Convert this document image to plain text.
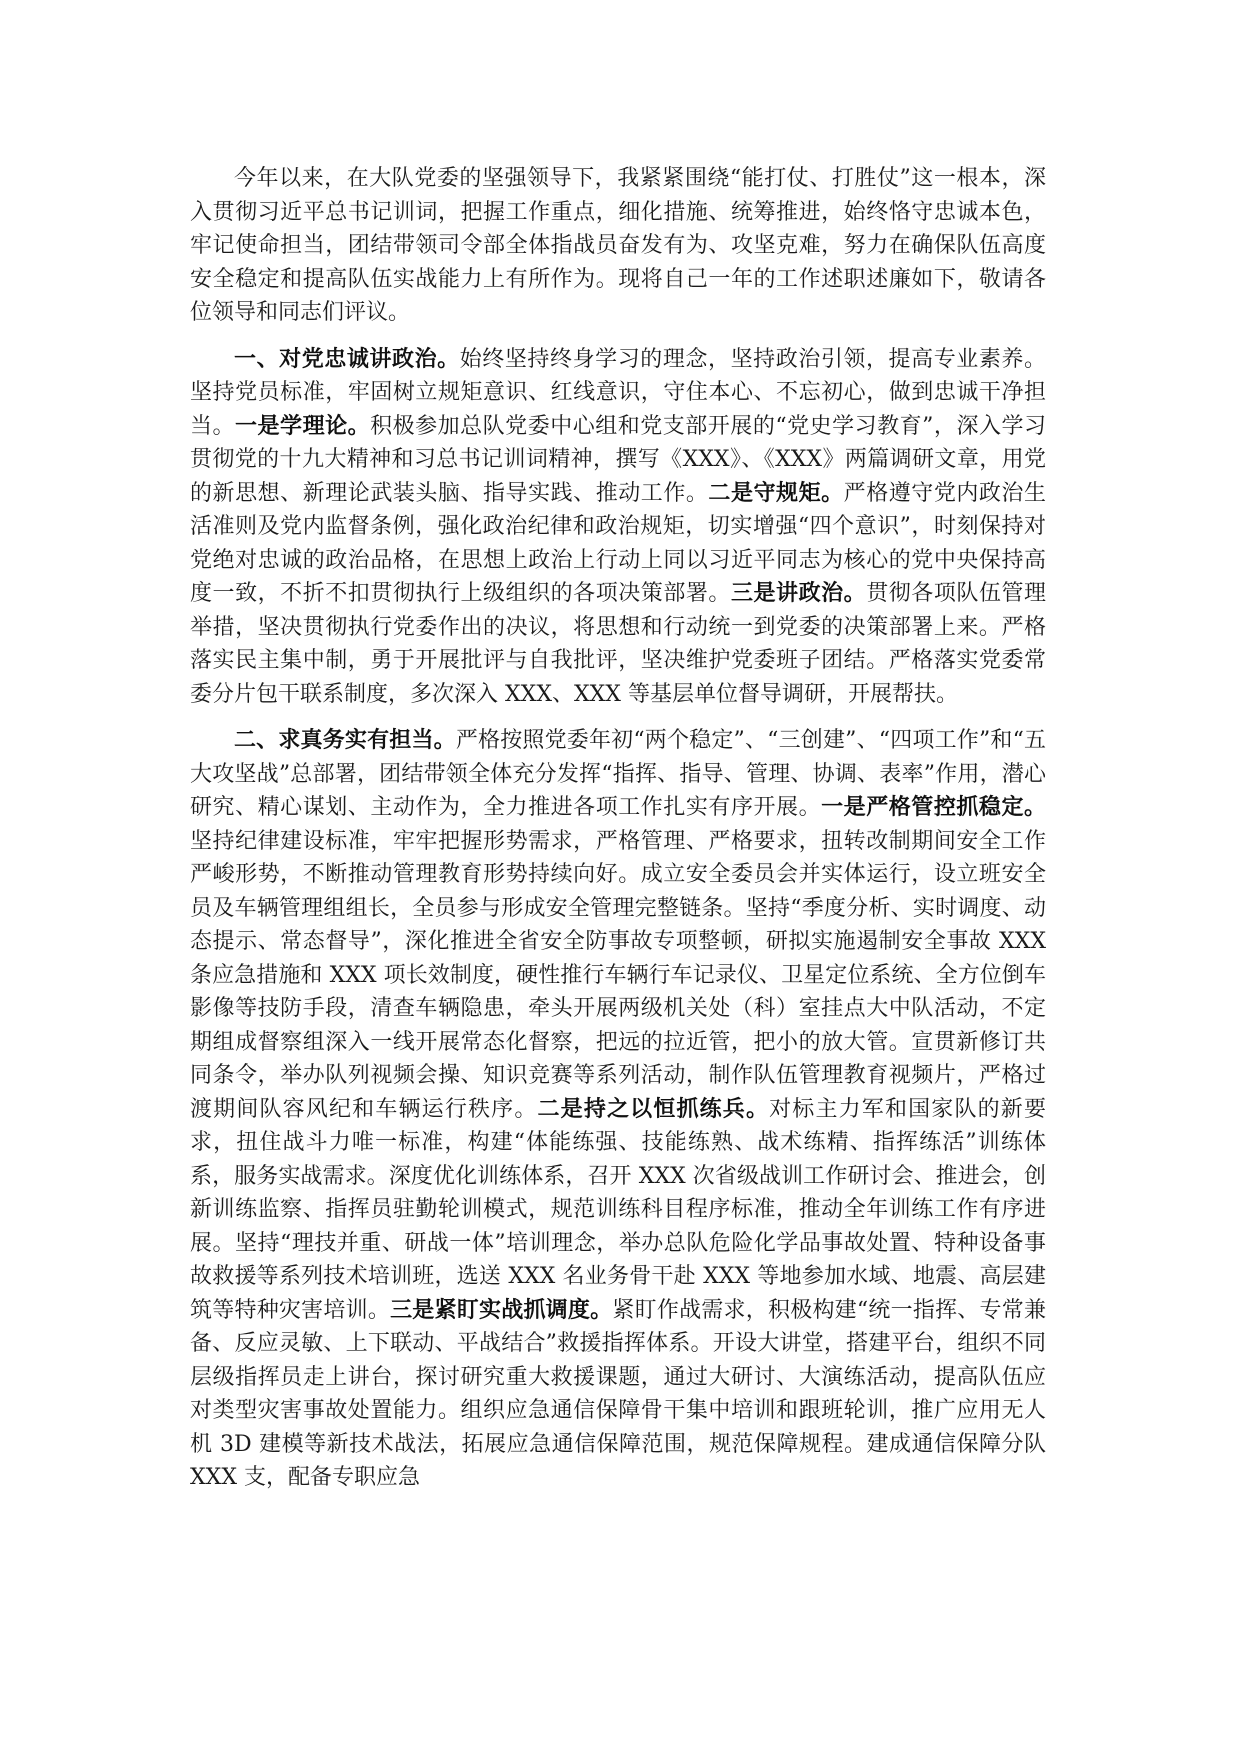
今年以来，在大队党委的坚强领导下，我紧紧围绕“能打仗、打胜仗”这一根本，深入贯彻习近平总书记训词，把握工作重点，细化措施、统筹推进，始终恪守忠诚本色，牢记使命担当，团结带领司令部全体指战员奋发有为、攻坚克难，努力在确保队伍高度安全稳定和提高队伍实战能力上有所作为。现将自己一年的工作述职述廉如下，敬请各位领导和同志们评议。

一、对党忠诚讲政治。始终坚持终身学习的理念，坚持政治引领，提高专业素养。坚持党员标准，牢固树立规矩意识、红线意识，守住本心、不忘初心，做到忠诚干净担当。一是学理论。积极参加总队党委中心组和党支部开展的“党史学习教育”，深入学习贯彻党的十九大精神和习总书记训词精神，撰写《XXX》、《XXX》两篇调研文章，用党的新思想、新理论武装头脑、指导实践、推动工作。二是守规矩。严格遵守党内政治生活准则及党内监督条例，强化政治纪律和政治规矩，切实增强“四个意识”，时刻保持对党绝对忠诚的政治品格，在思想上政治上行动上同以习近平同志为核心的党中央保持高度一致，不折不扣贯彻执行上级组织的各项决策部署。三是讲政治。贯彻各项队伍管理举措，坚决贯彻执行党委作出的决议，将思想和行动统一到党委的决策部署上来。严格落实民主集中制，勇于开展批评与自我批评，坚决维护党委班子团结。严格落实党委常委分片包干联系制度，多次深入 XXX、XXX 等基层单位督导调研，开展帮扶。

二、求真务实有担当。严格按照党委年初“两个稳定”、“三创建”、“四项工作”和“五大攻坚战”总部署，团结带领全体充分发挥“指挥、指导、管理、协调、表率”作用，潜心研究、精心谋划、主动作为，全力推进各项工作扎实有序开展。一是严格管控抓稳定。坚持纪律建设标准，牢牢把握形势需求，严格管理、严格要求，扭转改制期间安全工作严峻形势，不断推动管理教育形势持续向好。成立安全委员会并实体运行，设立班安全员及车辆管理组组长，全员参与形成安全管理完整链条。坚持“季度分析、实时调度、动态提示、常态督导”，深化推进全省安全防事故专项整顿，研拟实施遏制安全事故 XXX 条应急措施和 XXX 项长效制度，硬性推行车辆行车记录仪、卫星定位系统、全方位倒车影像等技防手段，清查车辆隐患，牵头开展两级机关处（科）室挂点大中队活动，不定期组成督察组深入一线开展常态化督察，把远的拉近管，把小的放大管。宣贯新修订共同条令，举办队列视频会操、知识竞赛等系列活动，制作队伍管理教育视频片，严格过渡期间队容风纪和车辆运行秩序。二是持之以恒抓练兵。对标主力军和国家队的新要求，扭住战斗力唯一标准，构建“体能练强、技能练熟、战术练精、指挥练活”训练体系，服务实战需求。深度优化训练体系，召开 XXX 次省级战训工作研讨会、推进会，创新训练监察、指挥员驻勤轮训模式，规范训练科目程序标准，推动全年训练工作有序进展。坚持“理技并重、研战一体”培训理念，举办总队危险化学品事故处置、特种设备事故救援等系列技术培训班，选送 XXX 名业务骨干赴 XXX 等地参加水域、地震、高层建筑等特种灾害培训。三是紧盯实战抓调度。紧盯作战需求，积极构建“统一指挥、专常兼备、反应灵敏、上下联动、平战结合”救援指挥体系。开设大讲堂，搭建平台，组织不同层级指挥员走上讲台，探讨研究重大救援课题，通过大研讨、大演练活动，提高队伍应对类型灾害事故处置能力。组织应急通信保障骨干集中培训和跟班轮训，推广应用无人机 3D 建模等新技术战法，拓展应急通信保障范围，规范保障规程。建成通信保障分队 XXX 支，配备专职应急
